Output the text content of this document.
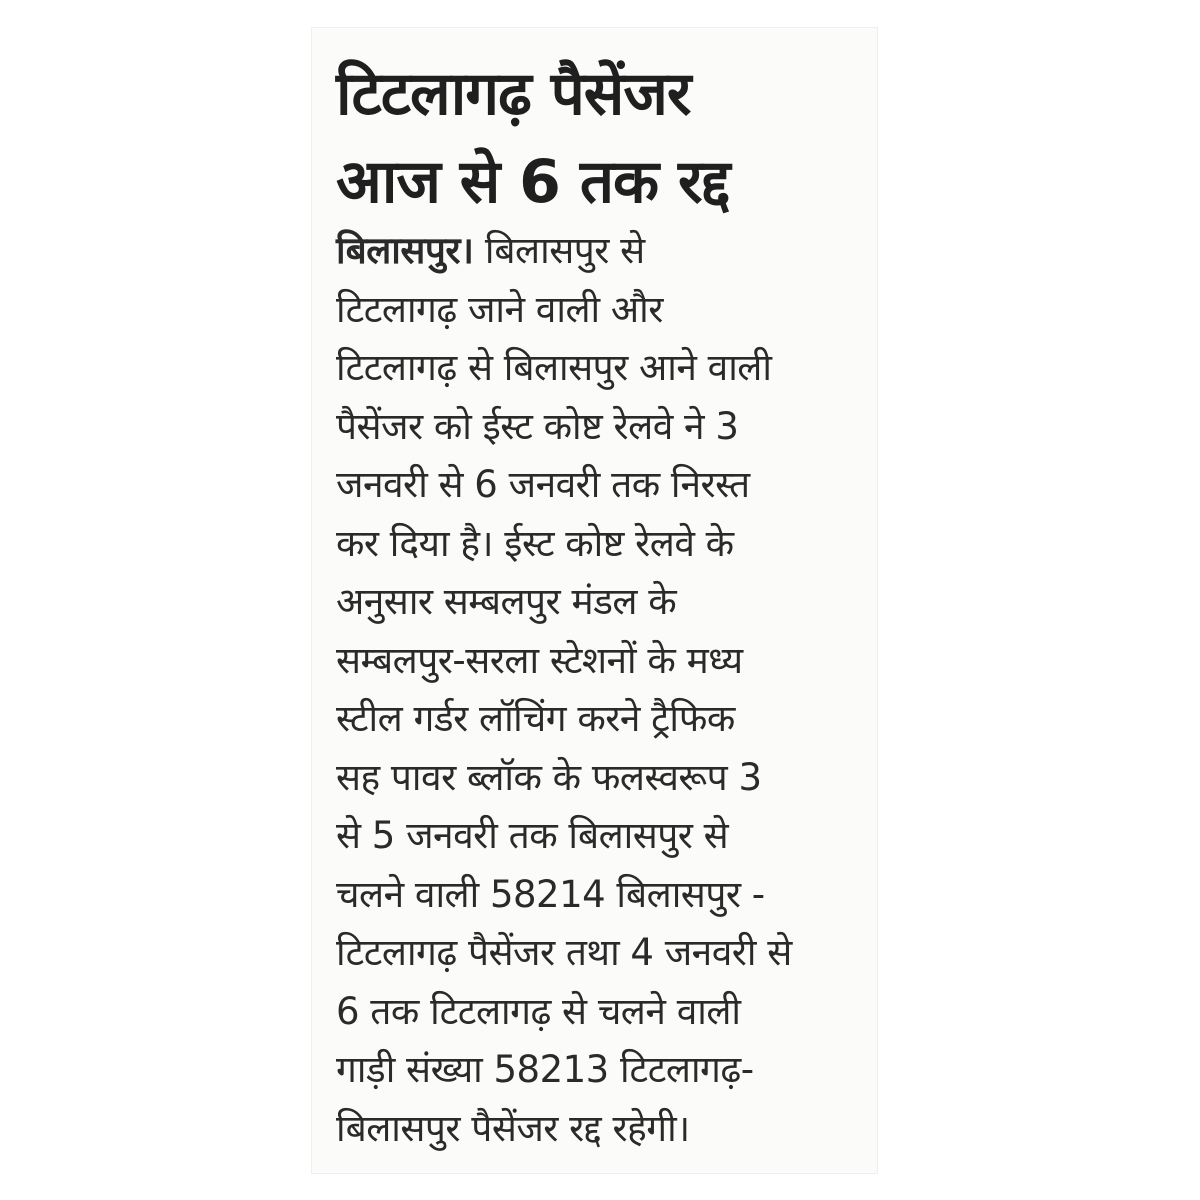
टिटलागढ़ पैसेंजर
आज से 6 तक रद्द
बिलासपुर। बिलासपुर से
टिटलागढ़ जाने वाली और
टिटलागढ़ से बिलासपुर आने वाली
पैसेंजर को ईस्ट कोष्ट रेलवे ने 3
जनवरी से 6 जनवरी तक निरस्त
कर दिया है। ईस्ट कोष्ट रेलवे के
अनुसार सम्बलपुर मंडल के
सम्बलपुर-सरला स्टेशनों के मध्य
स्टील गर्डर लॉचिंग करने ट्रैफिक
सह पावर ब्लॉक के फलस्वरूप 3
से 5 जनवरी तक बिलासपुर से
चलने वाली 58214 बिलासपुर -
टिटलागढ़ पैसेंजर तथा 4 जनवरी से
6 तक टिटलागढ़ से चलने वाली
गाड़ी संख्या 58213 टिटलागढ़-
बिलासपुर पैसेंजर रद्द रहेगी।
